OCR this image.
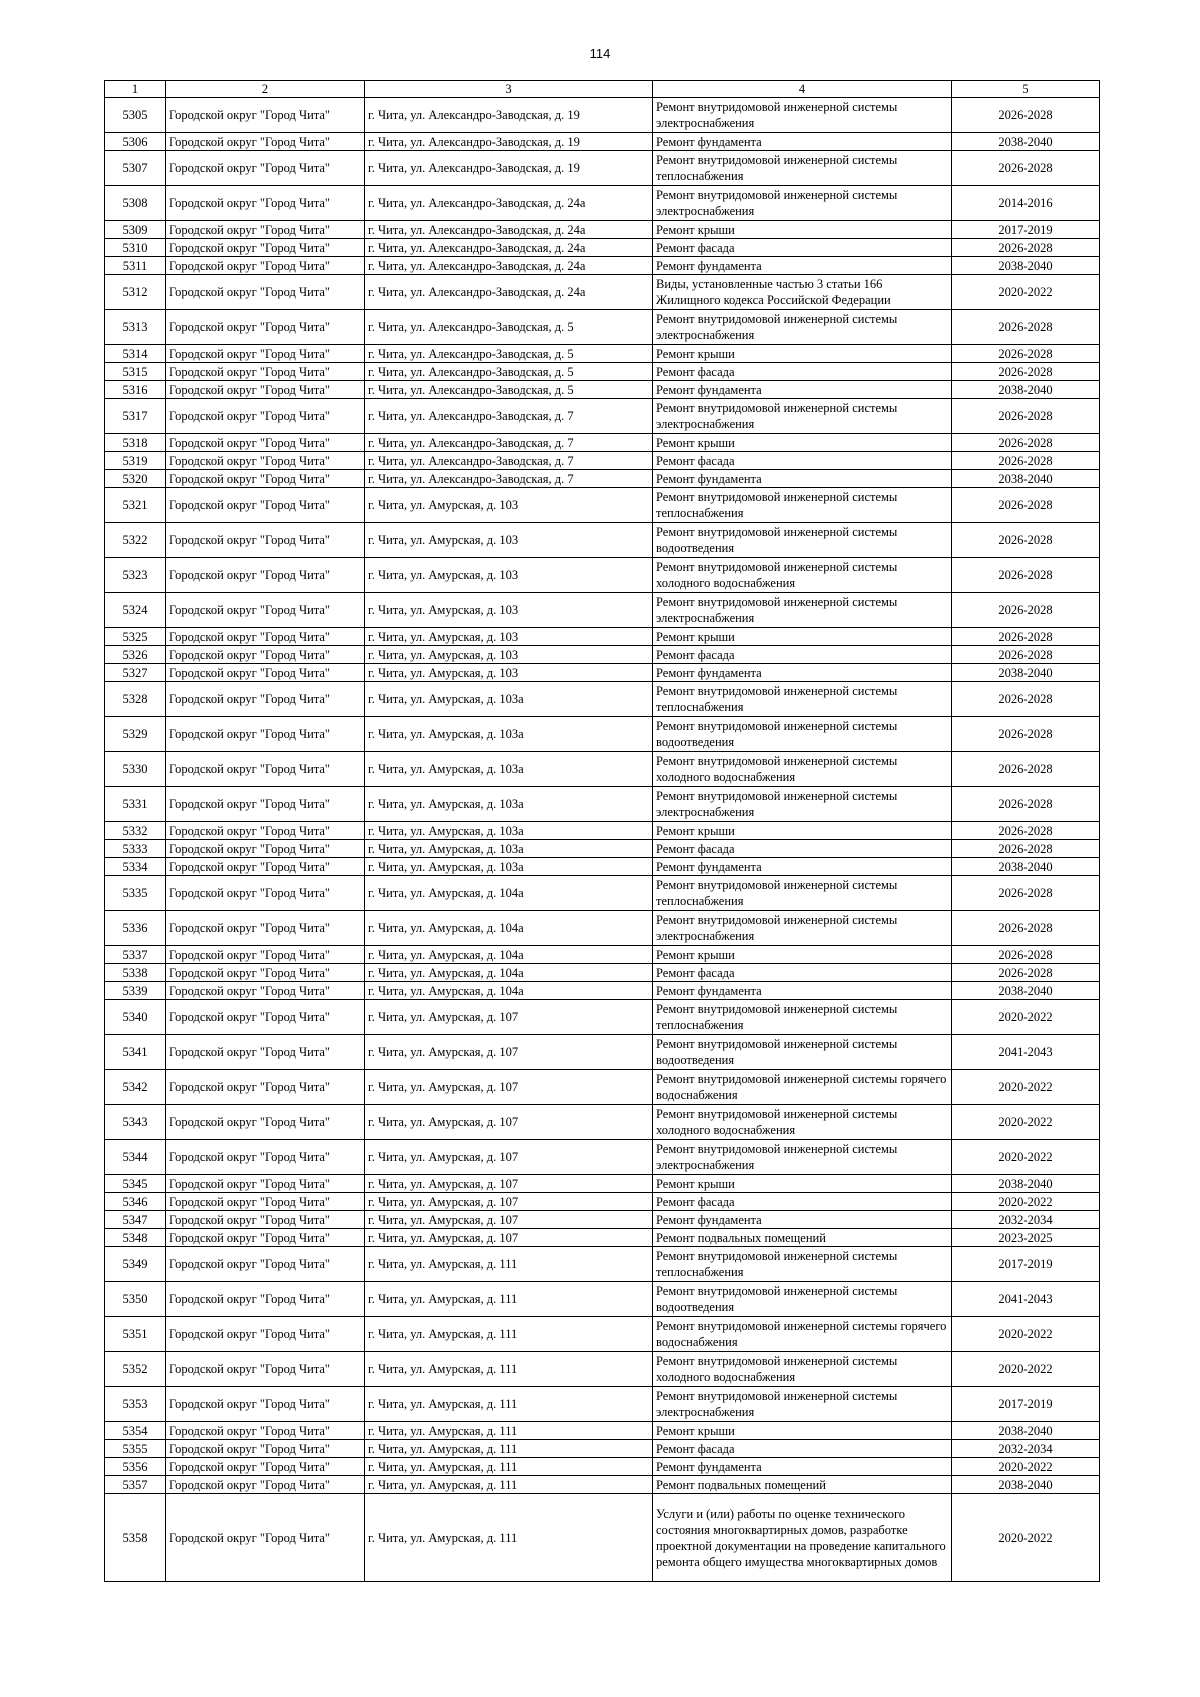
114
1	2	3	4	5
5305	Городской округ "Город Чита"	г. Чита, ул. Александро-Заводская, д. 19	Ремонт внутридомовой инженерной системы электроснабжения	2026-2028
5306	Городской округ "Город Чита"	г. Чита, ул. Александро-Заводская, д. 19	Ремонт фундамента	2038-2040
5307	Городской округ "Город Чита"	г. Чита, ул. Александро-Заводская, д. 19	Ремонт внутридомовой инженерной системы теплоснабжения	2026-2028
5308	Городской округ "Город Чита"	г. Чита, ул. Александро-Заводская, д. 24а	Ремонт внутридомовой инженерной системы электроснабжения	2014-2016
5309	Городской округ "Город Чита"	г. Чита, ул. Александро-Заводская, д. 24а	Ремонт крыши	2017-2019
5310	Городской округ "Город Чита"	г. Чита, ул. Александро-Заводская, д. 24а	Ремонт фасада	2026-2028
5311	Городской округ "Город Чита"	г. Чита, ул. Александро-Заводская, д. 24а	Ремонт фундамента	2038-2040
5312	Городской округ "Город Чита"	г. Чита, ул. Александро-Заводская, д. 24а	Виды, установленные частью 3 статьи 166 Жилищного кодекса Российской Федерации	2020-2022
5313	Городской округ "Город Чита"	г. Чита, ул. Александро-Заводская, д. 5	Ремонт внутридомовой инженерной системы электроснабжения	2026-2028
5314	Городской округ "Город Чита"	г. Чита, ул. Александро-Заводская, д. 5	Ремонт крыши	2026-2028
5315	Городской округ "Город Чита"	г. Чита, ул. Александро-Заводская, д. 5	Ремонт фасада	2026-2028
5316	Городской округ "Город Чита"	г. Чита, ул. Александро-Заводская, д. 5	Ремонт фундамента	2038-2040
5317	Городской округ "Город Чита"	г. Чита, ул. Александро-Заводская, д. 7	Ремонт внутридомовой инженерной системы электроснабжения	2026-2028
5318	Городской округ "Город Чита"	г. Чита, ул. Александро-Заводская, д. 7	Ремонт крыши	2026-2028
5319	Городской округ "Город Чита"	г. Чита, ул. Александро-Заводская, д. 7	Ремонт фасада	2026-2028
5320	Городской округ "Город Чита"	г. Чита, ул. Александро-Заводская, д. 7	Ремонт фундамента	2038-2040
5321	Городской округ "Город Чита"	г. Чита, ул. Амурская, д. 103	Ремонт внутридомовой инженерной системы теплоснабжения	2026-2028
5322	Городской округ "Город Чита"	г. Чита, ул. Амурская, д. 103	Ремонт внутридомовой инженерной системы водоотведения	2026-2028
5323	Городской округ "Город Чита"	г. Чита, ул. Амурская, д. 103	Ремонт внутридомовой инженерной системы холодного водоснабжения	2026-2028
5324	Городской округ "Город Чита"	г. Чита, ул. Амурская, д. 103	Ремонт внутридомовой инженерной системы электроснабжения	2026-2028
5325	Городской округ "Город Чита"	г. Чита, ул. Амурская, д. 103	Ремонт крыши	2026-2028
5326	Городской округ "Город Чита"	г. Чита, ул. Амурская, д. 103	Ремонт фасада	2026-2028
5327	Городской округ "Город Чита"	г. Чита, ул. Амурская, д. 103	Ремонт фундамента	2038-2040
5328	Городской округ "Город Чита"	г. Чита, ул. Амурская, д. 103а	Ремонт внутридомовой инженерной системы теплоснабжения	2026-2028
5329	Городской округ "Город Чита"	г. Чита, ул. Амурская, д. 103а	Ремонт внутридомовой инженерной системы водоотведения	2026-2028
5330	Городской округ "Город Чита"	г. Чита, ул. Амурская, д. 103а	Ремонт внутридомовой инженерной системы холодного водоснабжения	2026-2028
5331	Городской округ "Город Чита"	г. Чита, ул. Амурская, д. 103а	Ремонт внутридомовой инженерной системы электроснабжения	2026-2028
5332	Городской округ "Город Чита"	г. Чита, ул. Амурская, д. 103а	Ремонт крыши	2026-2028
5333	Городской округ "Город Чита"	г. Чита, ул. Амурская, д. 103а	Ремонт фасада	2026-2028
5334	Городской округ "Город Чита"	г. Чита, ул. Амурская, д. 103а	Ремонт фундамента	2038-2040
5335	Городской округ "Город Чита"	г. Чита, ул. Амурская, д. 104а	Ремонт внутридомовой инженерной системы теплоснабжения	2026-2028
5336	Городской округ "Город Чита"	г. Чита, ул. Амурская, д. 104а	Ремонт внутридомовой инженерной системы электроснабжения	2026-2028
5337	Городской округ "Город Чита"	г. Чита, ул. Амурская, д. 104а	Ремонт крыши	2026-2028
5338	Городской округ "Город Чита"	г. Чита, ул. Амурская, д. 104а	Ремонт фасада	2026-2028
5339	Городской округ "Город Чита"	г. Чита, ул. Амурская, д. 104а	Ремонт фундамента	2038-2040
5340	Городской округ "Город Чита"	г. Чита, ул. Амурская, д. 107	Ремонт внутридомовой инженерной системы теплоснабжения	2020-2022
5341	Городской округ "Город Чита"	г. Чита, ул. Амурская, д. 107	Ремонт внутридомовой инженерной системы водоотведения	2041-2043
5342	Городской округ "Город Чита"	г. Чита, ул. Амурская, д. 107	Ремонт внутридомовой инженерной системы горячего водоснабжения	2020-2022
5343	Городской округ "Город Чита"	г. Чита, ул. Амурская, д. 107	Ремонт внутридомовой инженерной системы холодного водоснабжения	2020-2022
5344	Городской округ "Город Чита"	г. Чита, ул. Амурская, д. 107	Ремонт внутридомовой инженерной системы электроснабжения	2020-2022
5345	Городской округ "Город Чита"	г. Чита, ул. Амурская, д. 107	Ремонт крыши	2038-2040
5346	Городской округ "Город Чита"	г. Чита, ул. Амурская, д. 107	Ремонт фасада	2020-2022
5347	Городской округ "Город Чита"	г. Чита, ул. Амурская, д. 107	Ремонт фундамента	2032-2034
5348	Городской округ "Город Чита"	г. Чита, ул. Амурская, д. 107	Ремонт подвальных помещений	2023-2025
5349	Городской округ "Город Чита"	г. Чита, ул. Амурская, д. 111	Ремонт внутридомовой инженерной системы теплоснабжения	2017-2019
5350	Городской округ "Город Чита"	г. Чита, ул. Амурская, д. 111	Ремонт внутридомовой инженерной системы водоотведения	2041-2043
5351	Городской округ "Город Чита"	г. Чита, ул. Амурская, д. 111	Ремонт внутридомовой инженерной системы горячего водоснабжения	2020-2022
5352	Городской округ "Город Чита"	г. Чита, ул. Амурская, д. 111	Ремонт внутридомовой инженерной системы холодного водоснабжения	2020-2022
5353	Городской округ "Город Чита"	г. Чита, ул. Амурская, д. 111	Ремонт внутридомовой инженерной системы электроснабжения	2017-2019
5354	Городской округ "Город Чита"	г. Чита, ул. Амурская, д. 111	Ремонт крыши	2038-2040
5355	Городской округ "Город Чита"	г. Чита, ул. Амурская, д. 111	Ремонт фасада	2032-2034
5356	Городской округ "Город Чита"	г. Чита, ул. Амурская, д. 111	Ремонт фундамента	2020-2022
5357	Городской округ "Город Чита"	г. Чита, ул. Амурская, д. 111	Ремонт подвальных помещений	2038-2040
5358	Городской округ "Город Чита"	г. Чита, ул. Амурская, д. 111	Услуги и (или) работы по оценке технического состояния многоквартирных домов, разработке проектной документации на проведение капитального ремонта общего имущества многоквартирных домов	2020-2022
